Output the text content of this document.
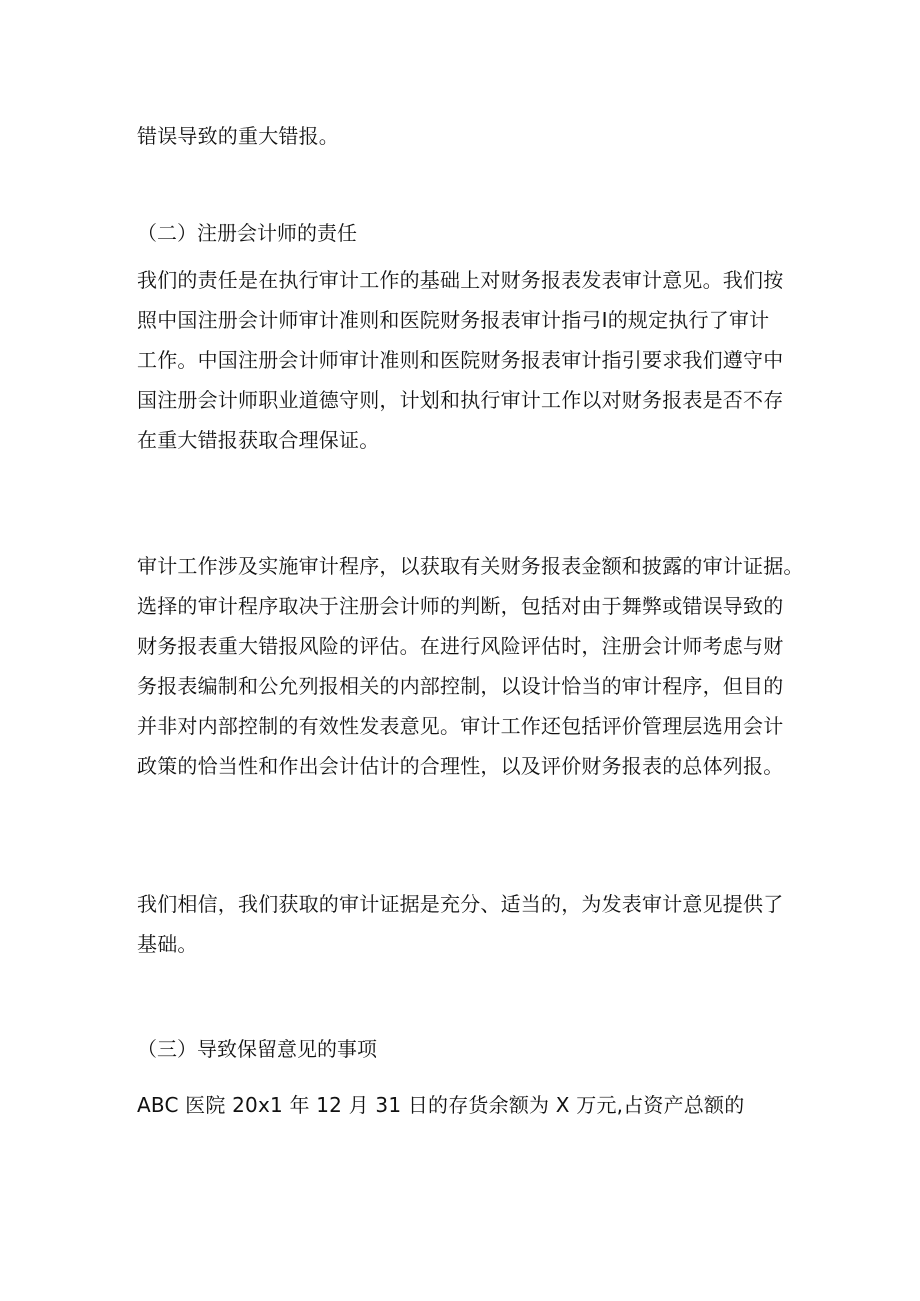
错误导致的重大错报。

（二）注册会计师的责任

我们的责任是在执行审计工作的基础上对财务报表发表审计意见。我们按
照中国注册会计师审计准则和医院财务报表审计指弓I的规定执行了审计
工作。中国注册会计师审计准则和医院财务报表审计指引要求我们遵守中
国注册会计师职业道德守则，计划和执行审计工作以对财务报表是否不存
在重大错报获取合理保证。

审计工作涉及实施审计程序，以获取有关财务报表金额和披露的审计证据。
选择的审计程序取决于注册会计师的判断，包括对由于舞弊或错误导致的
财务报表重大错报风险的评估。在进行风险评估时，注册会计师考虑与财
务报表编制和公允列报相关的内部控制，以设计恰当的审计程序，但目的
并非对内部控制的有效性发表意见。审计工作还包括评价管理层选用会计
政策的恰当性和作出会计估计的合理性，以及评价财务报表的总体列报。

我们相信，我们获取的审计证据是充分、适当的，为发表审计意见提供了
基础。

（三）导致保留意见的事项

ABC 医院 20x1 年 12 月 31 日的存货余额为 X 万元,占资产总额的
